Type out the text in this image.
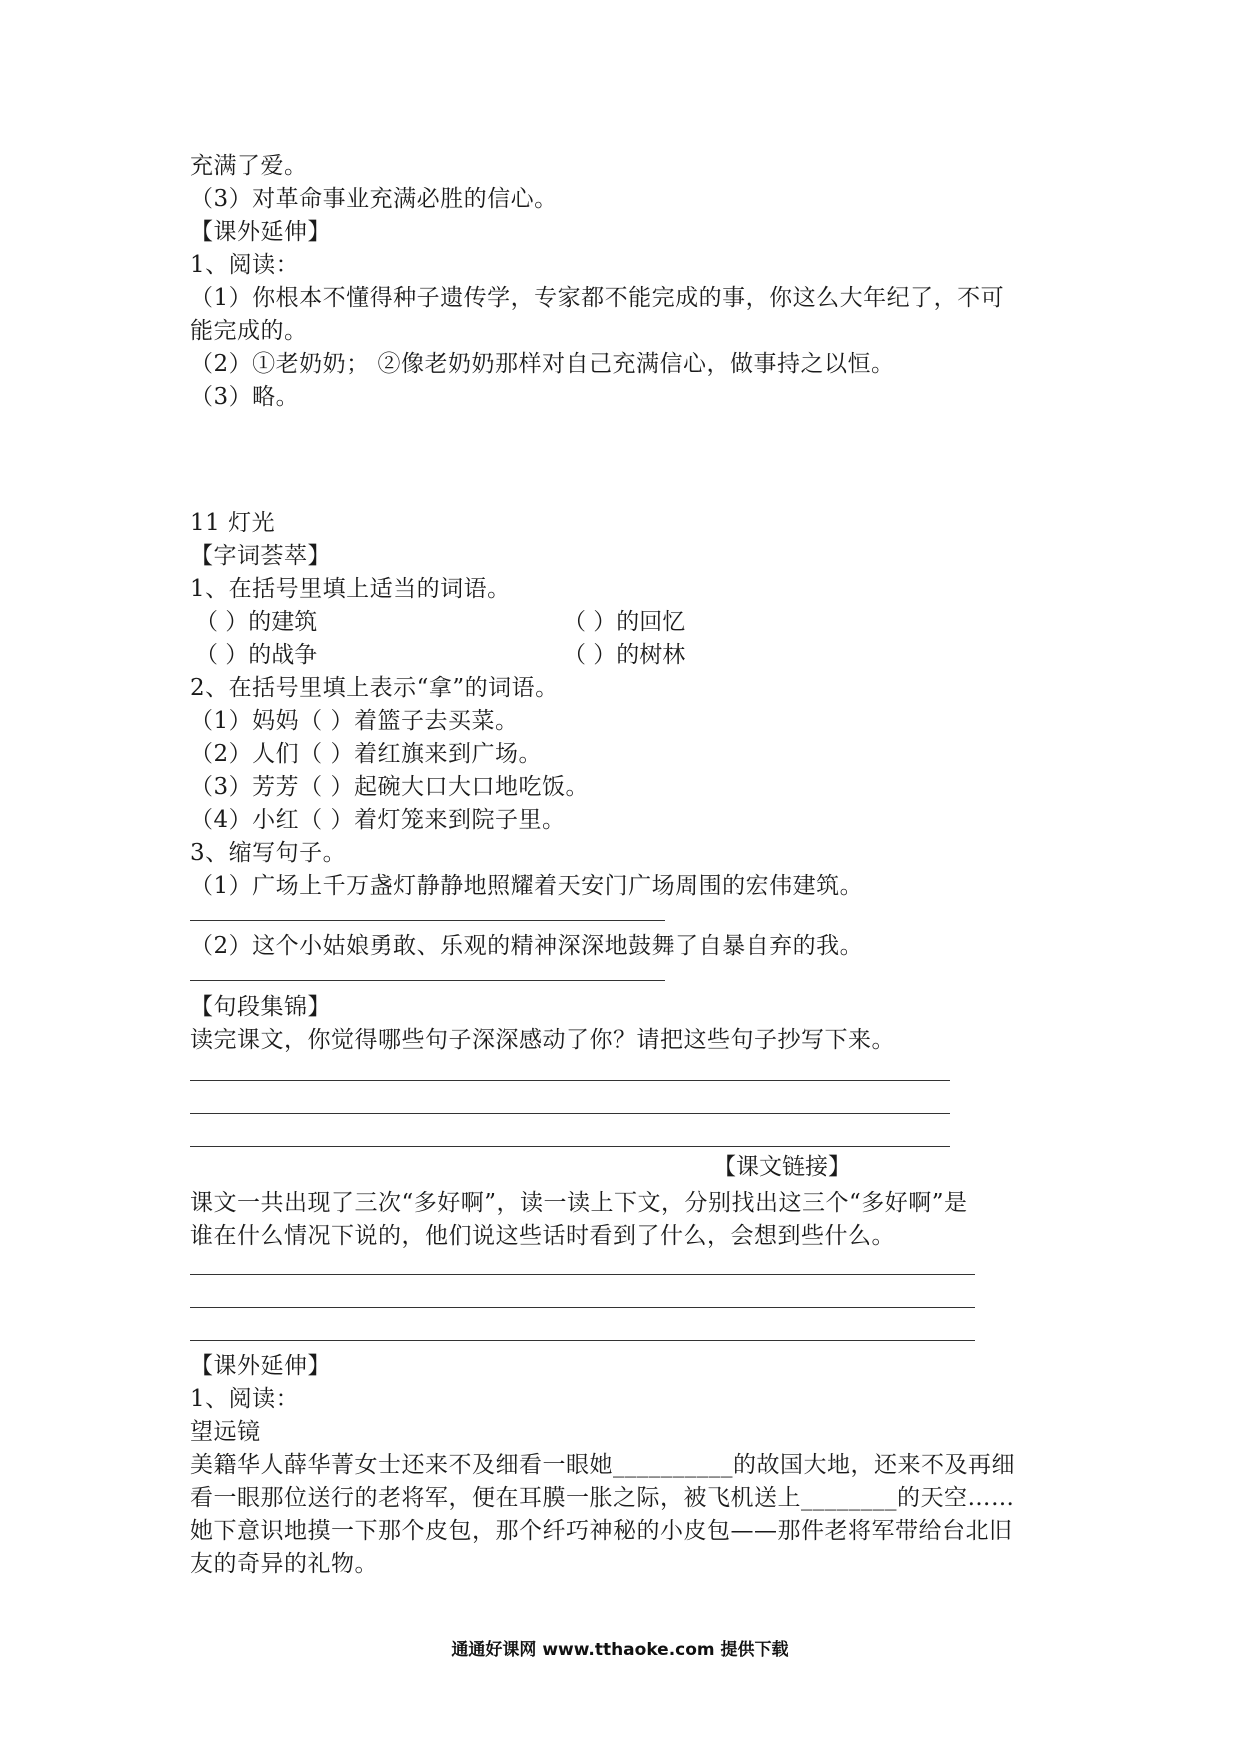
充满了爱。
（3）对革命事业充满必胜的信心。
【课外延伸】
1、阅读：
（1）你根本不懂得种子遗传学，专家都不能完成的事，你这么大年纪了，不可
能完成的。
（2）①老奶奶； ②像老奶奶那样对自己充满信心，做事持之以恒。
（3）略。
11 灯光
【字词荟萃】
1、在括号里填上适当的词语。
（ ）的建筑	（ ）的回忆
（ ）的战争	（ ）的树林
2、在括号里填上表示“拿”的词语。
（1）妈妈（ ）着篮子去买菜。
（2）人们（ ）着红旗来到广场。
（3）芳芳（ ）起碗大口大口地吃饭。
（4）小红（ ）着灯笼来到院子里。
3、缩写句子。
（1）广场上千万盏灯静静地照耀着天安门广场周围的宏伟建筑。
（2）这个小姑娘勇敢、乐观的精神深深地鼓舞了自暴自弃的我。
【句段集锦】
读完课文，你觉得哪些句子深深感动了你？请把这些句子抄写下来。
【课文链接】
课文一共出现了三次“多好啊”，读一读上下文，分别找出这三个“多好啊”是
谁在什么情况下说的，他们说这些话时看到了什么，会想到些什么。
【课外延伸】
1、阅读：
望远镜
美籍华人薛华菁女士还来不及细看一眼她__________的故国大地，还来不及再细
看一眼那位送行的老将军，便在耳膜一胀之际，被飞机送上________的天空……
她下意识地摸一下那个皮包，那个纤巧神秘的小皮包——那件老将军带给台北旧
友的奇异的礼物。
通通好课网 www.tthaoke.com 提供下载
